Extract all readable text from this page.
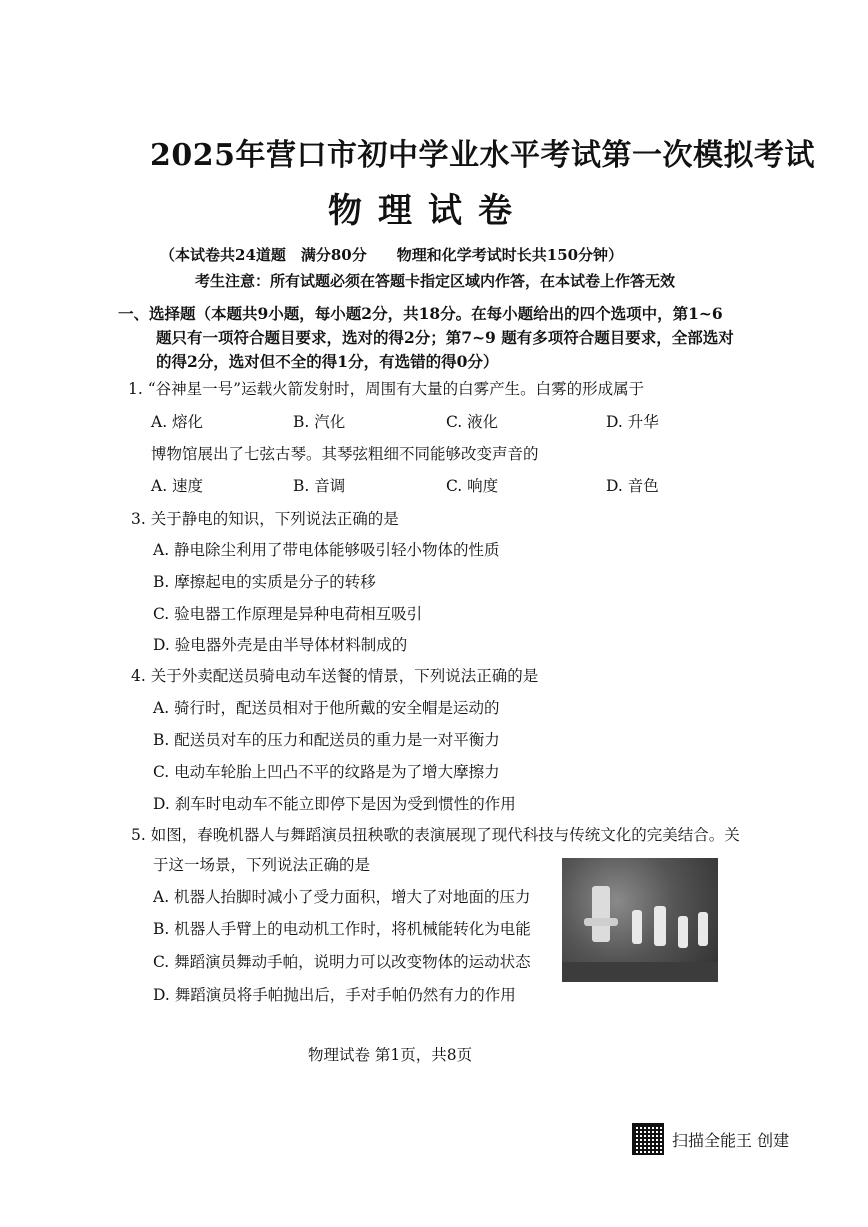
2025年营口市初中学业水平考试第一次模拟考试
物理试卷
（本试卷共24道题　满分80分　　物理和化学考试时长共150分钟）
考生注意：所有试题必须在答题卡指定区域内作答，在本试卷上作答无效
一、选择题（本题共9小题，每小题2分，共18分。在每小题给出的四个选项中，第1~6
题只有一项符合题目要求，选对的得2分；第7~9 题有多项符合题目要求，全部选对
的得2分，选对但不全的得1分，有选错的得0分）
1. “谷神星一号”运载火箭发射时，周围有大量的白雾产生。白雾的形成属于
A. 熔化	B. 汽化	C. 液化	D. 升华
博物馆展出了七弦古琴。其琴弦粗细不同能够改变声音的
A. 速度	B. 音调	C. 响度	D. 音色
3. 关于静电的知识，下列说法正确的是
A. 静电除尘利用了带电体能够吸引轻小物体的性质
B. 摩擦起电的实质是分子的转移
C. 验电器工作原理是异种电荷相互吸引
D. 验电器外壳是由半导体材料制成的
4. 关于外卖配送员骑电动车送餐的情景，下列说法正确的是
A. 骑行时，配送员相对于他所戴的安全帽是运动的
B. 配送员对车的压力和配送员的重力是一对平衡力
C. 电动车轮胎上凹凸不平的纹路是为了增大摩擦力
D. 刹车时电动车不能立即停下是因为受到惯性的作用
5. 如图，春晚机器人与舞蹈演员扭秧歌的表演展现了现代科技与传统文化的完美结合。关
于这一场景，下列说法正确的是
A. 机器人抬脚时减小了受力面积，增大了对地面的压力
B. 机器人手臂上的电动机工作时，将机械能转化为电能
C. 舞蹈演员舞动手帕，说明力可以改变物体的运动状态
D. 舞蹈演员将手帕抛出后，手对手帕仍然有力的作用
物理试卷 第1页，共8页
扫描全能王 创建
